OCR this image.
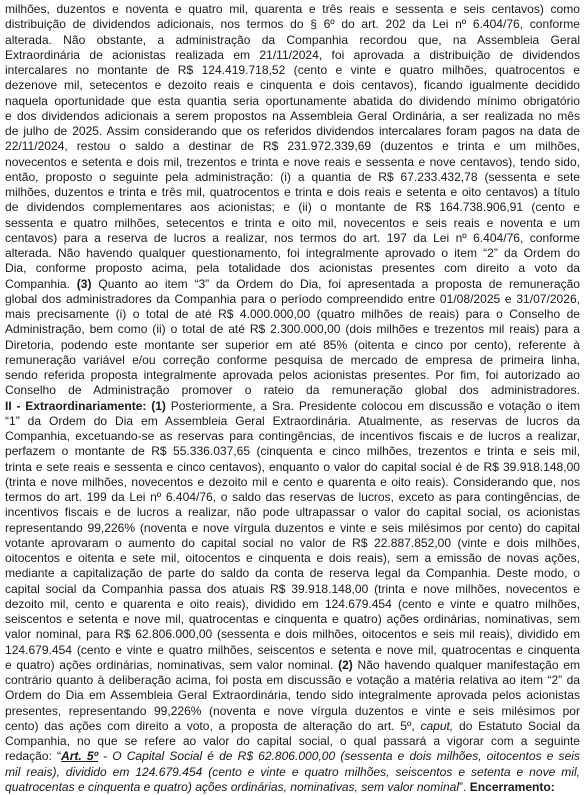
milhões, duzentos e noventa e quatro mil, quarenta e três reais e sessenta e seis centavos) como
distribuição de dividendos adicionais, nos termos do § 6º do art. 202 da Lei nº 6.404/76, conforme
alterada. Não obstante, a administração da Companhia recordou que, na Assembleia Geral
Extraordinária de acionistas realizada em 21/11/2024, foi aprovada a distribuição de dividendos
intercalares no montante de R$ 124.419.718,52 (cento e vinte e quatro milhões, quatrocentos e
dezenove mil, setecentos e dezoito reais e cinquenta e dois centavos), ficando igualmente decidido
naquela oportunidade que esta quantia seria oportunamente abatida do dividendo mínimo obrigatório
e dos dividendos adicionais a serem propostos na Assembleia Geral Ordinária, a ser realizada no mês
de julho de 2025. Assim considerando que os referidos dividendos intercalares foram pagos na data de
22/11/2024, restou o saldo a destinar de R$ 231.972.339,69 (duzentos e trinta e um milhões,
novecentos e setenta e dois mil, trezentos e trinta e nove reais e sessenta e nove centavos), tendo sido,
então, proposto o seguinte pela administração: (i) a quantia de R$ 67.233.432,78 (sessenta e sete
milhões, duzentos e trinta e três mil, quatrocentos e trinta e dois reais e setenta e oito centavos) a título
de dividendos complementares aos acionistas; e (ii) o montante de R$ 164.738.906,91 (cento e
sessenta e quatro milhões, setecentos e trinta e oito mil, novecentos e seis reais e noventa e um
centavos) para a reserva de lucros a realizar, nos termos do art. 197 da Lei nº 6.404/76, conforme
alterada. Não havendo qualquer questionamento, foi integralmente aprovado o item “2” da Ordem do
Dia, conforme proposto acima, pela totalidade dos acionistas presentes com direito a voto da
Companhia. (3) Quanto ao item “3” da Ordem do Dia, foi apresentada a proposta de remuneração
global dos administradores da Companhia para o período compreendido entre 01/08/2025 e 31/07/2026,
mais precisamente (i) o total de até R$ 4.000.000,00 (quatro milhões de reais) para o Conselho de
Administração, bem como (ii) o total de até R$ 2.300.000,00 (dois milhões e trezentos mil reais) para a
Diretoria, podendo este montante ser superior em até 85% (oitenta e cinco por cento), referente à
remuneração variável e/ou correção conforme pesquisa de mercado de empresa de primeira linha,
sendo referida proposta integralmente aprovada pelos acionistas presentes. Por fim, foi autorizado ao
Conselho de Administração promover o rateio da remuneração global dos administradores.
II - Extraordinariamente: (1) Posteriormente, a Sra. Presidente colocou em discussão e votação o item
“1” da Ordem do Dia em Assembleia Geral Extraordinária. Atualmente, as reservas de lucros da
Companhia, excetuando-se as reservas para contingências, de incentivos fiscais e de lucros a realizar,
perfazem o montante de R$ 55.336.037,65 (cinquenta e cinco milhões, trezentos e trinta e seis mil,
trinta e sete reais e sessenta e cinco centavos), enquanto o valor do capital social é de R$ 39.918.148,00
(trinta e nove milhões, novecentos e dezoito mil e cento e quarenta e oito reais). Considerando que, nos
termos do art. 199 da Lei nº 6.404/76, o saldo das reservas de lucros, exceto as para contingências, de
incentivos fiscais e de lucros a realizar, não pode ultrapassar o valor do capital social, os acionistas
representando 99,226% (noventa e nove vírgula duzentos e vinte e seis milésimos por cento) do capital
votante aprovaram o aumento do capital social no valor de R$ 22.887.852,00 (vinte e dois milhões,
oitocentos e oitenta e sete mil, oitocentos e cinquenta e dois reais), sem a emissão de novas ações,
mediante a capitalização de parte do saldo da conta de reserva legal da Companhia. Deste modo, o
capital social da Companhia passa dos atuais R$ 39.918.148,00 (trinta e nove milhões, novecentos e
dezoito mil, cento e quarenta e oito reais), dividido em 124.679.454 (cento e vinte e quatro milhões,
seiscentos e setenta e nove mil, quatrocentas e cinquenta e quatro) ações ordinárias, nominativas, sem
valor nominal, para R$ 62.806.000,00 (sessenta e dois milhões, oitocentos e seis mil reais), dividido em
124.679.454 (cento e vinte e quatro milhões, seiscentos e setenta e nove mil, quatrocentas e cinquenta
e quatro) ações ordinárias, nominativas, sem valor nominal. (2) Não havendo qualquer manifestação em
contrário quanto à deliberação acima, foi posta em discussão e votação a matéria relativa ao item “2” da
Ordem do Dia em Assembleia Geral Extraordinária, tendo sido integralmente aprovada pelos acionistas
presentes, representando 99,226% (noventa e nove vírgula duzentos e vinte e seis milésimos por
cento) das ações com direito a voto, a proposta de alteração do art. 5º, caput, do Estatuto Social da
Companhia, no que se refere ao valor do capital social, o qual passará a vigorar com a seguinte
redação: “Art. 5º - O Capital Social é de R$ 62.806.000,00 (sessenta e dois milhões, oitocentos e seis
mil reais), dividido em 124.679.454 (cento e vinte e quatro milhões, seiscentos e setenta e nove mil,
quatrocentas e cinquenta e quatro) ações ordinárias, nominativas, sem valor nominal”. Encerramento:
